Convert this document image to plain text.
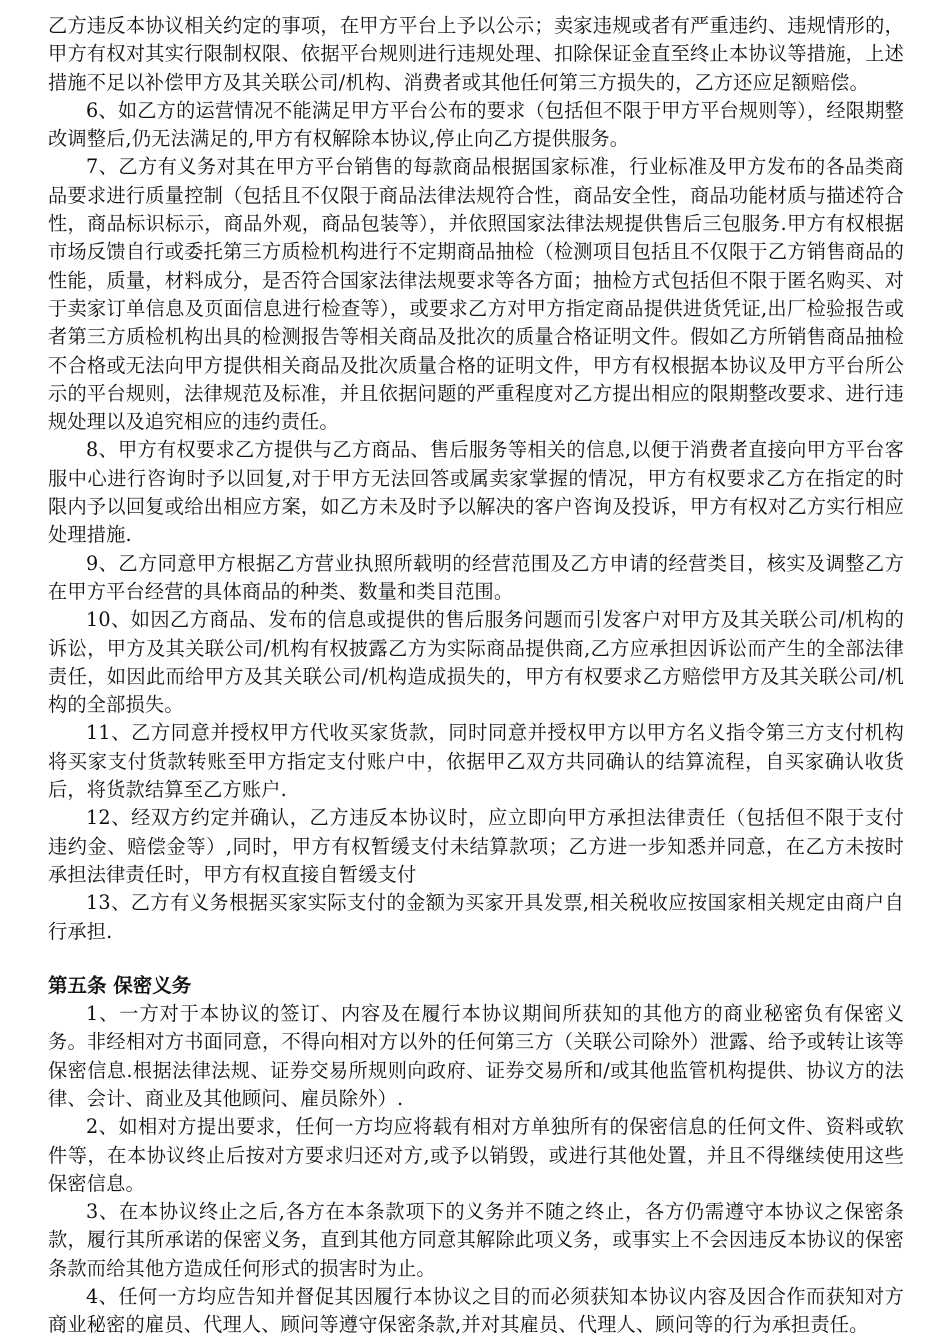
乙方违反本协议相关约定的事项，在甲方平台上予以公示；卖家违规或者有严重违约、违规情形的，甲方有权对其实行限制权限、依据平台规则进行违规处理、扣除保证金直至终止本协议等措施，上述措施不足以补偿甲方及其关联公司/机构、消费者或其他任何第三方损失的，乙方还应足额赔偿。

6、如乙方的运营情况不能满足甲方平台公布的要求（包括但不限于甲方平台规则等），经限期整改调整后,仍无法满足的,甲方有权解除本协议,停止向乙方提供服务。

7、乙方有义务对其在甲方平台销售的每款商品根据国家标准，行业标准及甲方发布的各品类商品要求进行质量控制（包括且不仅限于商品法律法规符合性，商品安全性，商品功能材质与描述符合性，商品标识标示，商品外观，商品包装等），并依照国家法律法规提供售后三包服务.甲方有权根据市场反馈自行或委托第三方质检机构进行不定期商品抽检（检测项目包括且不仅限于乙方销售商品的性能，质量，材料成分，是否符合国家法律法规要求等各方面；抽检方式包括但不限于匿名购买、对于卖家订单信息及页面信息进行检查等），或要求乙方对甲方指定商品提供进货凭证,出厂检验报告或者第三方质检机构出具的检测报告等相关商品及批次的质量合格证明文件。假如乙方所销售商品抽检不合格或无法向甲方提供相关商品及批次质量合格的证明文件，甲方有权根据本协议及甲方平台所公示的平台规则，法律规范及标准，并且依据问题的严重程度对乙方提出相应的限期整改要求、进行违规处理以及追究相应的违约责任。

8、甲方有权要求乙方提供与乙方商品、售后服务等相关的信息,以便于消费者直接向甲方平台客服中心进行咨询时予以回复,对于甲方无法回答或属卖家掌握的情况，甲方有权要求乙方在指定的时限内予以回复或给出相应方案，如乙方未及时予以解决的客户咨询及投诉，甲方有权对乙方实行相应处理措施.

9、乙方同意甲方根据乙方营业执照所载明的经营范围及乙方申请的经营类目，核实及调整乙方在甲方平台经营的具体商品的种类、数量和类目范围。

10、如因乙方商品、发布的信息或提供的售后服务问题而引发客户对甲方及其关联公司/机构的诉讼，甲方及其关联公司/机构有权披露乙方为实际商品提供商,乙方应承担因诉讼而产生的全部法律责任，如因此而给甲方及其关联公司/机构造成损失的，甲方有权要求乙方赔偿甲方及其关联公司/机构的全部损失。

11、乙方同意并授权甲方代收买家货款，同时同意并授权甲方以甲方名义指令第三方支付机构将买家支付货款转账至甲方指定支付账户中，依据甲乙双方共同确认的结算流程，自买家确认收货后，将货款结算至乙方账户.

12、经双方约定并确认，乙方违反本协议时，应立即向甲方承担法律责任（包括但不限于支付违约金、赔偿金等）,同时，甲方有权暂缓支付未结算款项；乙方进一步知悉并同意，在乙方未按时承担法律责任时，甲方有权直接自暂缓支付

13、乙方有义务根据买家实际支付的金额为买家开具发票,相关税收应按国家相关规定由商户自行承担.

第五条 保密义务

1、一方对于本协议的签订、内容及在履行本协议期间所获知的其他方的商业秘密负有保密义务。非经相对方书面同意，不得向相对方以外的任何第三方（关联公司除外）泄露、给予或转让该等保密信息.根据法律法规、证券交易所规则向政府、证券交易所和/或其他监管机构提供、协议方的法律、会计、商业及其他顾问、雇员除外）.

2、如相对方提出要求，任何一方均应将载有相对方单独所有的保密信息的任何文件、资料或软件等，在本协议终止后按对方要求归还对方,或予以销毁，或进行其他处置，并且不得继续使用这些保密信息。

3、在本协议终止之后,各方在本条款项下的义务并不随之终止，各方仍需遵守本协议之保密条款，履行其所承诺的保密义务，直到其他方同意其解除此项义务，或事实上不会因违反本协议的保密条款而给其他方造成任何形式的损害时为止。

4、任何一方均应告知并督促其因履行本协议之目的而必须获知本协议内容及因合作而获知对方商业秘密的雇员、代理人、顾问等遵守保密条款,并对其雇员、代理人、顾问等的行为承担责任。
